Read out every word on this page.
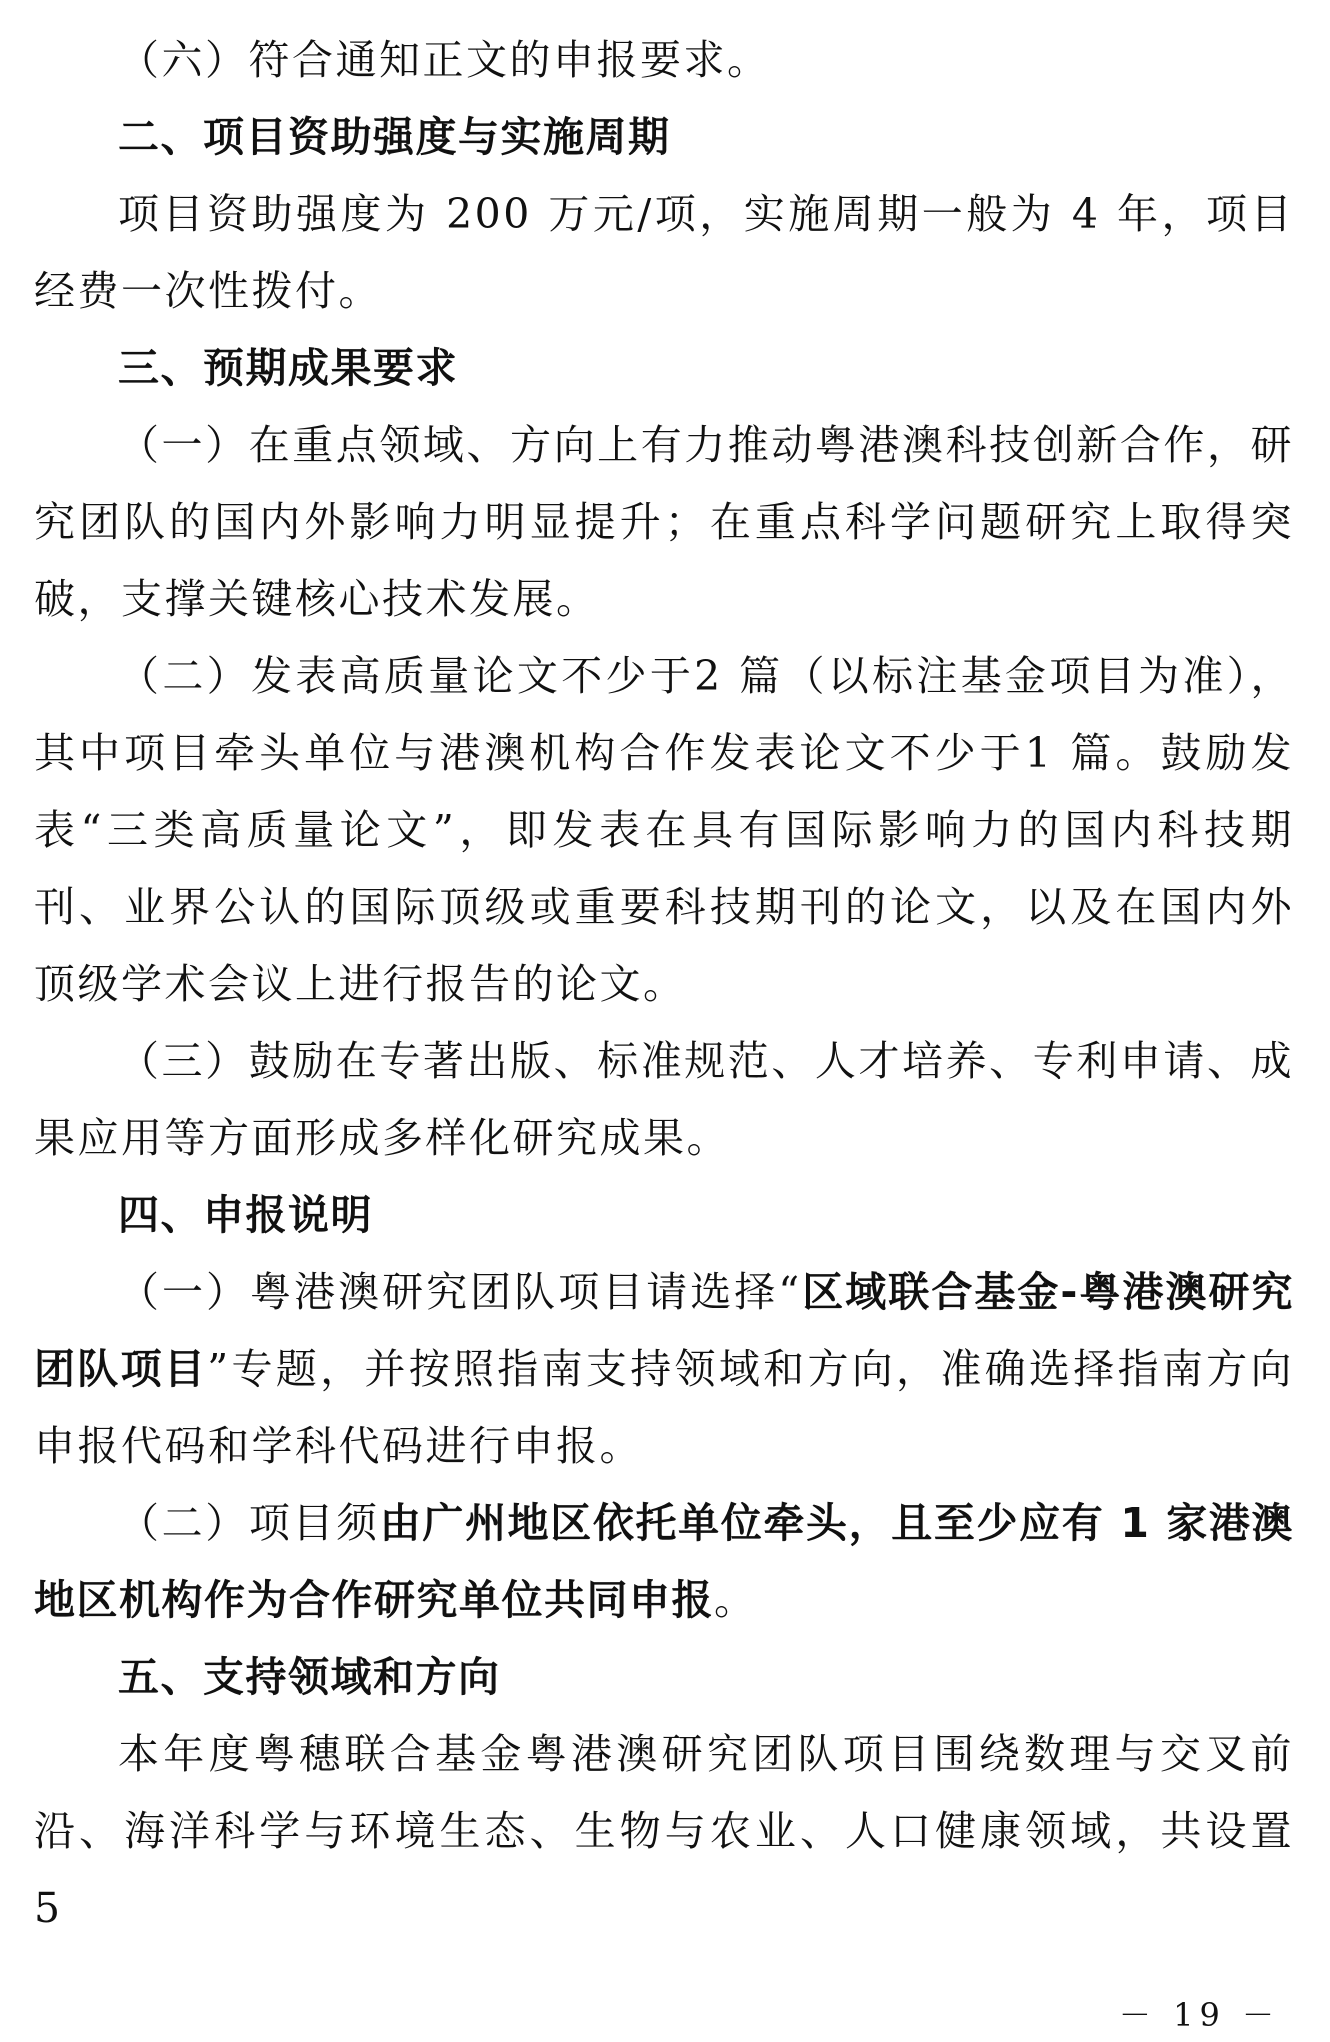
（六）符合通知正文的申报要求。

二、项目资助强度与实施周期

项目资助强度为 200 万元/项，实施周期一般为 4 年，项目经费一次性拨付。

三、预期成果要求

（一）在重点领域、方向上有力推动粤港澳科技创新合作，研究团队的国内外影响力明显提升；在重点科学问题研究上取得突破，支撑关键核心技术发展。

（二）发表高质量论文不少于2 篇（以标注基金项目为准），其中项目牵头单位与港澳机构合作发表论文不少于1 篇。鼓励发表“三类高质量论文”，即发表在具有国际影响力的国内科技期刊、业界公认的国际顶级或重要科技期刊的论文，以及在国内外顶级学术会议上进行报告的论文。

（三）鼓励在专著出版、标准规范、人才培养、专利申请、成果应用等方面形成多样化研究成果。

四、申报说明

（一）粤港澳研究团队项目请选择“区域联合基金-粤港澳研究团队项目”专题，并按照指南支持领域和方向，准确选择指南方向申报代码和学科代码进行申报。

（二）项目须由广州地区依托单位牵头，且至少应有 1 家港澳地区机构作为合作研究单位共同申报。

五、支持领域和方向

本年度粤穗联合基金粤港澳研究团队项目围绕数理与交叉前沿、海洋科学与环境生态、生物与农业、人口健康领域，共设置 5

－ 19 －
